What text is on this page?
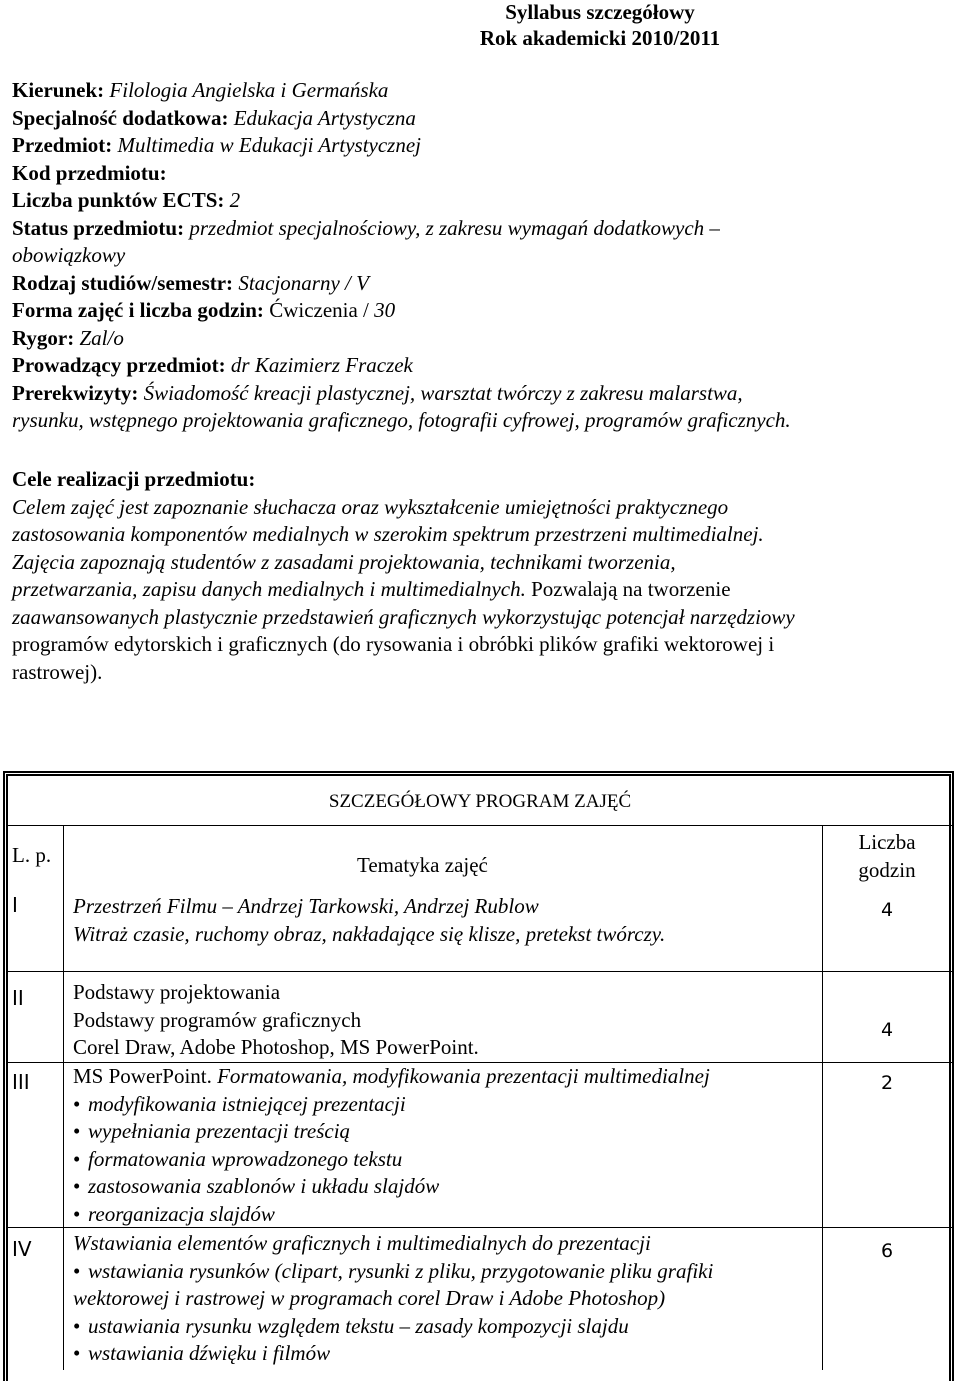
Syllabus szczegółowy
Rok akademicki 2010/2011
Kierunek: Filologia Angielska i Germańska
Specjalność dodatkowa: Edukacja Artystyczna
Przedmiot: Multimedia w Edukacji Artystycznej
Kod przedmiotu:
Liczba punktów ECTS: 2
Status przedmiotu: przedmiot specjalnościowy, z zakresu wymagań dodatkowych –
obowiązkowy
Rodzaj studiów/semestr: Stacjonarny / V
Forma zajęć i liczba godzin: Ćwiczenia / 30
Rygor: Zal/o
Prowadzący przedmiot: dr Kazimierz Fraczek
Prerekwizyty: Świadomość kreacji plastycznej, warsztat twórczy z zakresu malarstwa,
rysunku, wstępnego projektowania graficznego, fotografii cyfrowej, programów graficznych.
Cele realizacji przedmiotu:
Celem zajęć jest zapoznanie słuchacza oraz wykształcenie umiejętności praktycznego
zastosowania komponentów medialnych w szerokim spektrum przestrzeni multimedialnej.
Zajęcia zapoznają studentów z zasadami projektowania, technikami tworzenia,
przetwarzania, zapisu danych medialnych i multimedialnych. Pozwalają na tworzenie
zaawansowanych plastycznie przedstawień graficznych wykorzystując potencjał narzędziowy
programów edytorskich i graficznych (do rysowania i obróbki plików grafiki wektorowej i
rastrowej).
SZCZEGÓŁOWY PROGRAM ZAJĘĆ
L. p.	Tematyka zajęć
Liczba
godzin
I	Przestrzeń Filmu – Andrzej Tarkowski, Andrzej Rublow
Witraż czasie, ruchomy obraz, nakładające się klisze, pretekst twórczy.
4
II Podstawy projektowania
Podstawy programów graficznych
Corel Draw, Adobe Photoshop, MS PowerPoint.
4
III MS PowerPoint. Formatowania, modyfikowania prezentacji multimedialnej
• modyfikowania istniejącej prezentacji
• wypełniania prezentacji treścią
• formatowania wprowadzonego tekstu
• zastosowania szablonów i układu slajdów
• reorganizacja slajdów
2
IV Wstawiania elementów graficznych i multimedialnych do prezentacji
• wstawiania rysunków (clipart, rysunki z pliku, przygotowanie pliku grafiki
wektorowej i rastrowej w programach corel Draw i Adobe Photoshop)
• ustawiania rysunku względem tekstu – zasady kompozycji slajdu
• wstawiania dźwięku i filmów
6
